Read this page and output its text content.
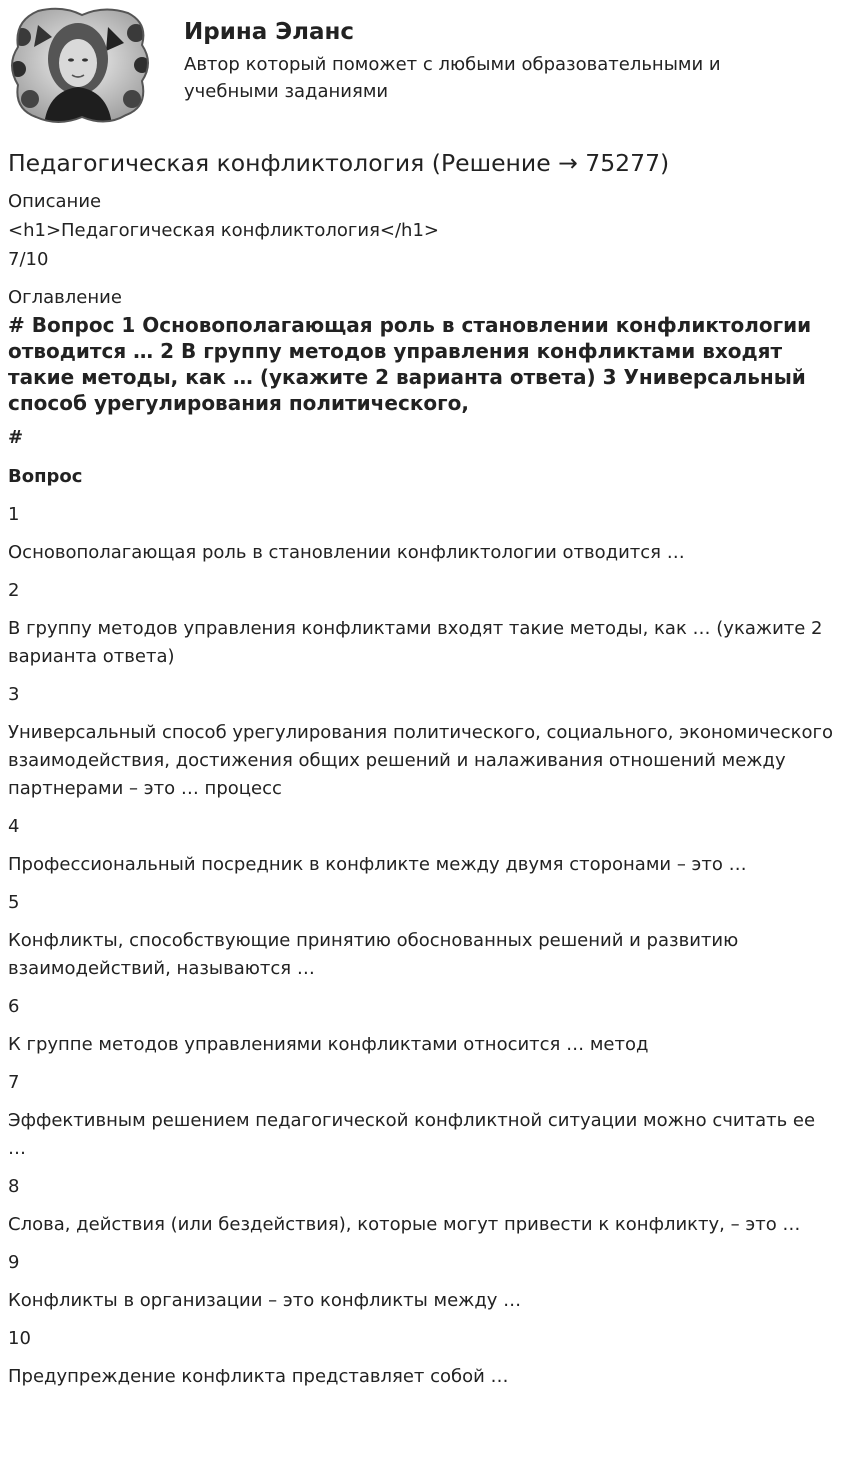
Ирина Эланс
Автор который поможет с любыми образовательными и учебными заданиями
Педагогическая конфликтология (Решение → 75277)
Описание
<h1>Педагогическая конфликтология</h1>
7/10
Оглавление
# Вопрос 1 Основополагающая роль в становлении конфликтологии отводится … 2 В группу методов управления конфликтами входят такие методы, как … (укажите 2 варианта ответа) 3 Универсальный способ урегулирования политического,
#
Вопрос
1
Основополагающая роль в становлении конфликтологии отводится …
2
В группу методов управления конфликтами входят такие методы, как … (укажите 2 варианта ответа)
3
Универсальный способ урегулирования политического, социального, экономического взаимодействия, достижения общих решений и налаживания отношений между партнерами – это … процесс
4
Профессиональный посредник в конфликте между двумя сторонами – это …
5
Конфликты, способствующие принятию обоснованных решений и развитию взаимодействий, называются …
6
К группе методов управлениями конфликтами относится … метод
7
Эффективным решением педагогической конфликтной ситуации можно считать ее …
8
Слова, действия (или бездействия), которые могут привести к конфликту, – это …
9
Конфликты в организации – это конфликты между …
10
Предупреждение конфликта представляет собой …
